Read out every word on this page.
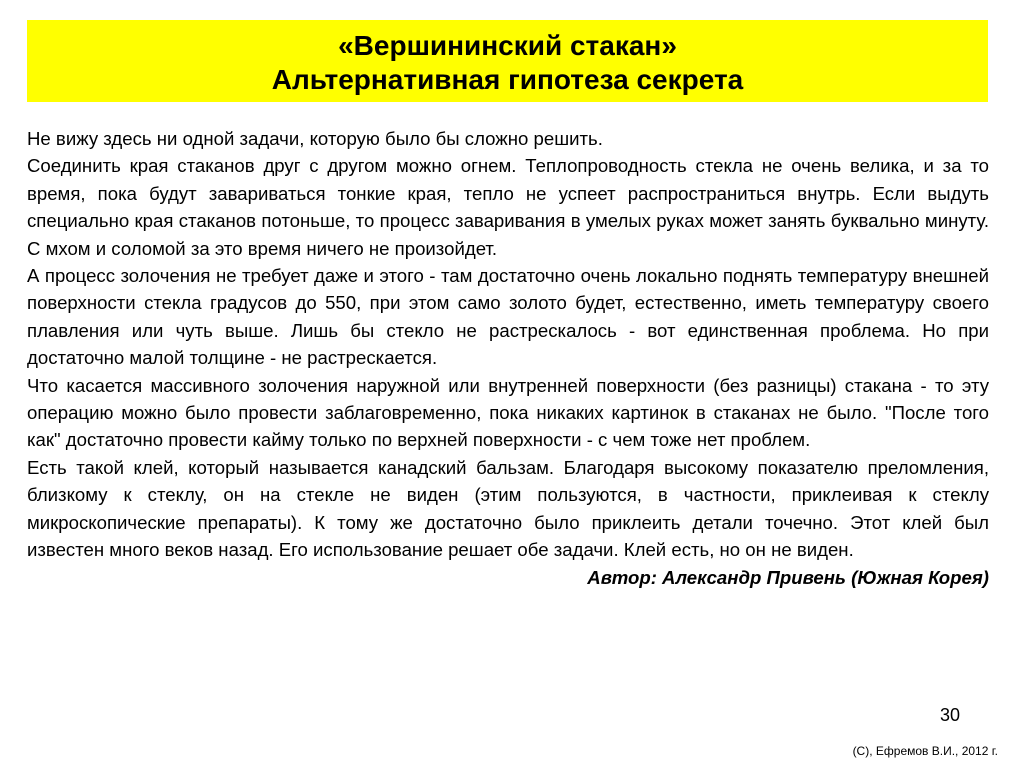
«Вершининский стакан»
Альтернативная гипотеза секрета

Не вижу здесь ни одной задачи, которую было бы сложно решить.

Соединить края стаканов друг с другом можно огнем. Теплопроводность стекла не очень велика, и за то время, пока будут завариваться тонкие края, тепло не успеет распространиться внутрь. Если выдуть специально края стаканов потоньше, то процесс заваривания в умелых руках может занять буквально минуту. С мхом и соломой за это время ничего не произойдет.

А процесс золочения не требует даже и этого - там достаточно очень локально поднять температуру внешней поверхности стекла градусов до 550, при этом само золото будет, естественно, иметь температуру своего плавления или чуть выше. Лишь бы стекло не растрескалось - вот единственная проблема. Но при достаточно малой толщине - не растрескается.

Что касается массивного золочения наружной или внутренней поверхности (без разницы) стакана - то эту операцию можно было провести заблаговременно, пока никаких картинок в стаканах не было. "После того как" достаточно провести кайму только по верхней поверхности - с чем тоже нет проблем.

Есть такой клей, который называется канадский бальзам. Благодаря высокому показателю преломления, близкому к стеклу, он на стекле не виден (этим пользуются, в частности, приклеивая к стеклу микроскопические препараты). К тому же достаточно было приклеить детали точечно. Этот клей был известен много веков назад. Его использование решает обе задачи. Клей есть, но он не виден.

Автор: Александр Привень (Южная Корея)

30
(С), Ефремов В.И., 2012 г.
